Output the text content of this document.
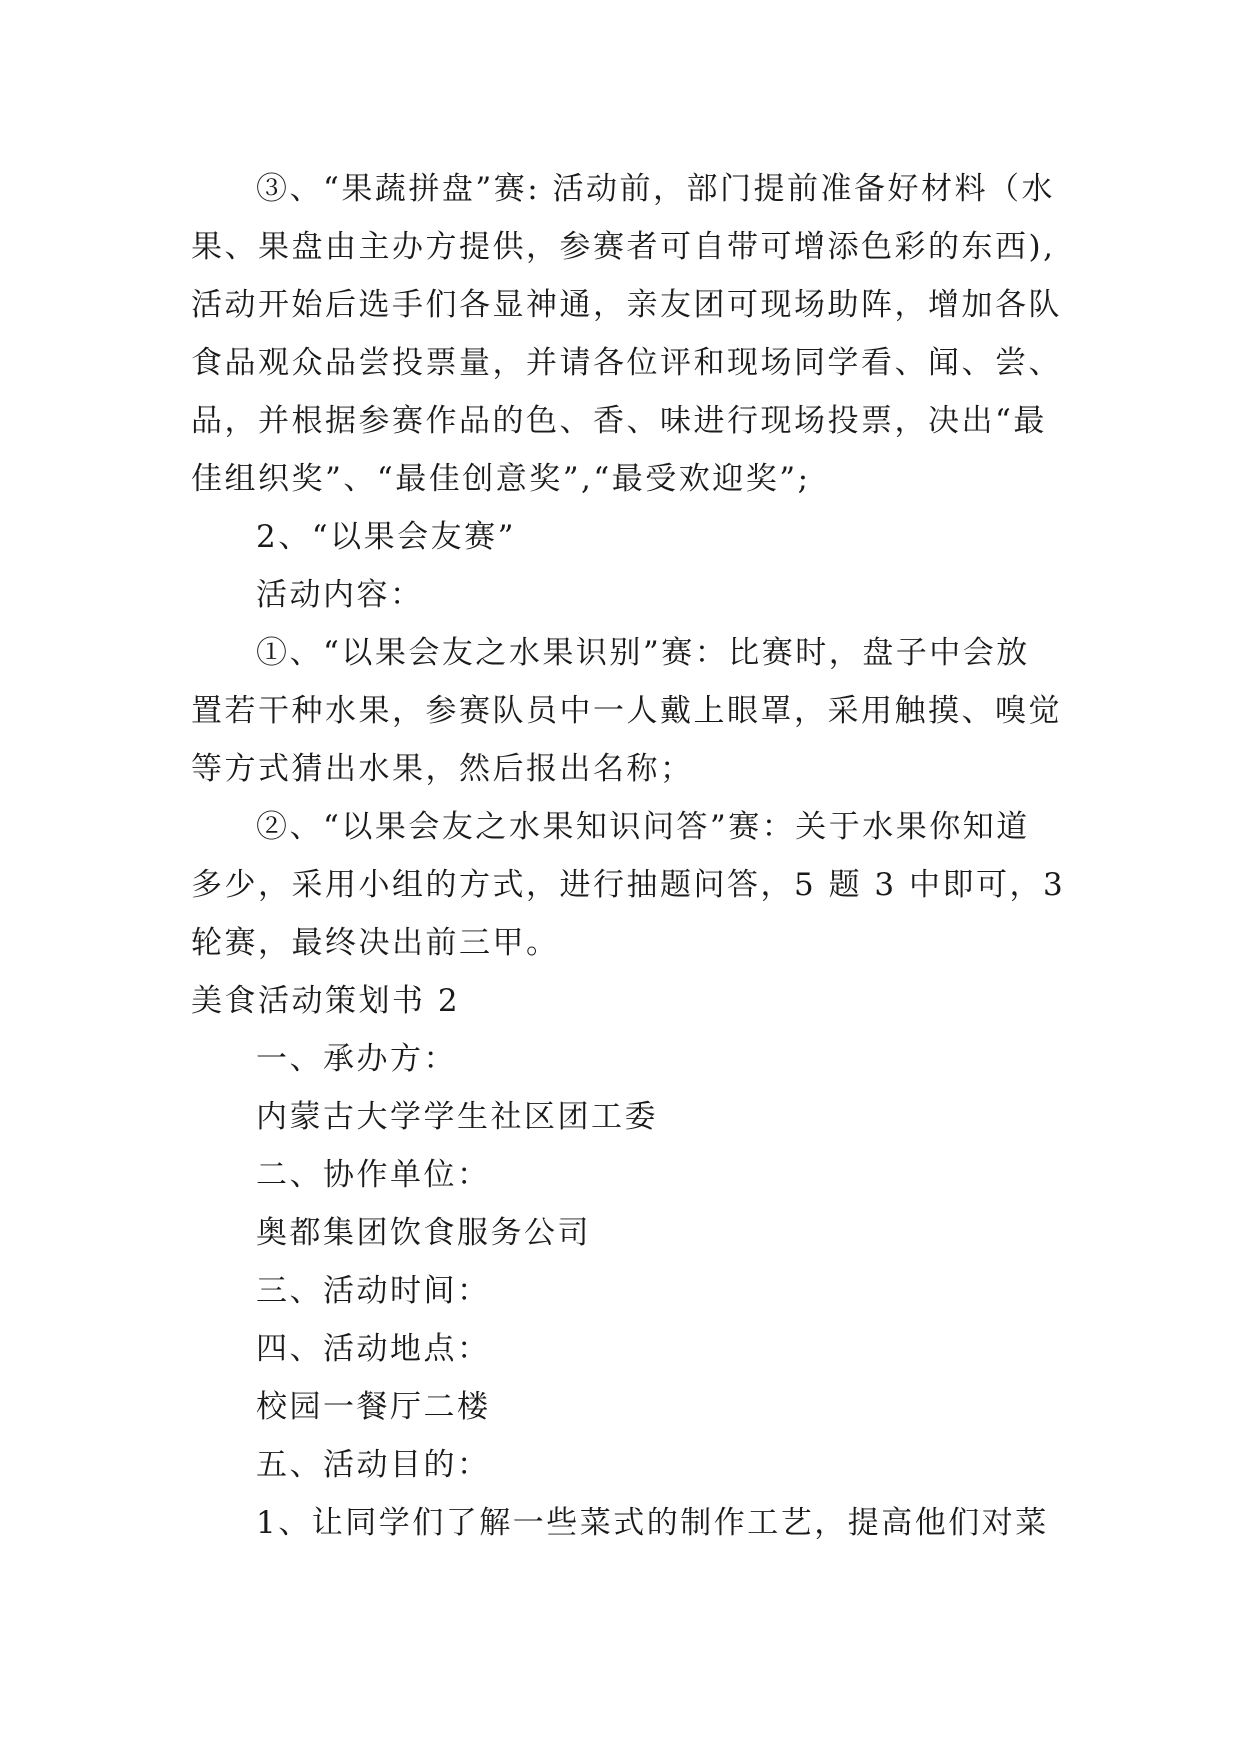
③、“果蔬拼盘”赛: 活动前，部门提前准备好材料（水
果、果盘由主办方提供，参赛者可自带可增添色彩的东西),
活动开始后选手们各显神通，亲友团可现场助阵，增加各队
食品观众品尝投票量，并请各位评和现场同学看、闻、尝、
品，并根据参赛作品的色、香、味进行现场投票，决出“最
佳组织奖”、“最佳创意奖”,“最受欢迎奖”;
2、“以果会友赛”
活动内容：
①、“以果会友之水果识别”赛：比赛时，盘子中会放
置若干种水果，参赛队员中一人戴上眼罩，采用触摸、嗅觉
等方式猜出水果，然后报出名称；
②、“以果会友之水果知识问答”赛：关于水果你知道
多少，采用小组的方式，进行抽题问答，5 题 3 中即可，3
轮赛，最终决出前三甲。
美食活动策划书 2
一、承办方：
内蒙古大学学生社区团工委
二、协作单位：
奥都集团饮食服务公司
三、活动时间：
四、活动地点：
校园一餐厅二楼
五、活动目的：
1、让同学们了解一些菜式的制作工艺，提高他们对菜
